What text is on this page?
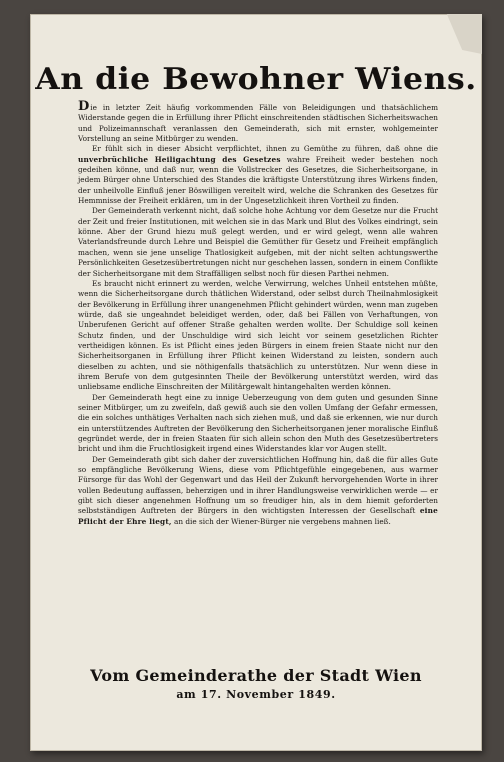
An die Bewohner Wiens.

Die in letzter Zeit häufig vorkommenden Fälle von Beleidigungen und thatsächlichem Widerstande gegen die in Erfüllung ihrer Pflicht einschreitenden städtischen Sicherheitswachen und Polizeimannschaft veranlassen den Gemeinderath, sich mit ernster, wohlgemeinter Vorstellung an seine Mitbürger zu wenden.

Er fühlt sich in dieser Absicht verpflichtet, ihnen zu Gemüthe zu führen, daß ohne die unverbrüchliche Heiligachtung des Gesetzes wahre Freiheit weder bestehen noch gedeihen könne, und daß nur, wenn die Vollstrecker des Gesetzes, die Sicherheitsorgane, in jedem Bürger ohne Unterschied des Standes die kräftigste Unterstützung ihres Wirkens finden, der unheilvolle Einfluß jener Böswilligen vereitelt wird, welche die Schranken des Gesetzes für Hemmnisse der Freiheit erklären, um in der Ungesetzlichkeit ihren Vortheil zu finden.

Der Gemeinderath verkennt nicht, daß solche hohe Achtung vor dem Gesetze nur die Frucht der Zeit und freier Institutionen, mit welchen sie in das Mark und Blut des Volkes eindringt, sein könne. Aber der Grund hiezu muß gelegt werden, und er wird gelegt, wenn alle wahren Vaterlandsfreunde durch Lehre und Beispiel die Gemüther für Gesetz und Freiheit empfänglich machen, wenn sie jene unselige Thatlosigkeit aufgeben, mit der nicht selten achtungswerthe Persönlichkeiten Gesetzesübertretungen nicht nur geschehen lassen, sondern in einem Conflikte der Sicherheitsorgane mit dem Straffälligen selbst noch für diesen Parthei nehmen.

Es braucht nicht erinnert zu werden, welche Verwirrung, welches Unheil entstehen müßte, wenn die Sicherheitsorgane durch thätlichen Widerstand, oder selbst durch Theilnahmlosigkeit der Bevölkerung in Erfüllung ihrer unangenehmen Pflicht gehindert würden, wenn man zugeben würde, daß sie ungeahndet beleidiget werden, oder, daß bei Fällen von Verhaftungen, von Unberufenen Gericht auf offener Straße gehalten werden wollte. Der Schuldige soll keinen Schutz finden, und der Unschuldige wird sich leicht vor seinem gesetzlichen Richter vertheidigen können. Es ist Pflicht eines jeden Bürgers in einem freien Staate nicht nur den Sicherheitsorganen in Erfüllung ihrer Pflicht keinen Widerstand zu leisten, sondern auch dieselben zu achten, und sie nöthigenfalls thatsächlich zu unterstützen. Nur wenn diese in ihrem Berufe von dem gutgesinnten Theile der Bevölkerung unterstützt werden, wird das unliebsame endliche Einschreiten der Militärgewalt hintangehalten werden können.

Der Gemeinderath hegt eine zu innige Ueberzeugung von dem guten und gesunden Sinne seiner Mitbürger, um zu zweifeln, daß gewiß auch sie den vollen Umfang der Gefahr ermessen, die ein solches unthätiges Verhalten nach sich ziehen muß, und daß sie erkennen, wie nur durch ein unterstützendes Auftreten der Bevölkerung den Sicherheitsorganen jener moralische Einfluß gegründet werde, der in freien Staaten für sich allein schon den Muth des Gesetzesübertreters bricht und ihm die Fruchtlosigkeit irgend eines Widerstandes klar vor Augen stellt.

Der Gemeinderath gibt sich daher der zuversichtlichen Hoffnung hin, daß die für alles Gute so empfängliche Bevölkerung Wiens, diese vom Pflichtgefühle eingegebenen, aus warmer Fürsorge für das Wohl der Gegenwart und das Heil der Zukunft hervorgehenden Worte in ihrer vollen Bedeutung auffassen, beherzigen und in ihrer Handlungsweise verwirklichen werde — er gibt sich dieser angenehmen Hoffnung um so freudiger hin, als in dem hiemit geforderten selbstständigen Auftreten der Bürgers in den wichtigsten Interessen der Gesellschaft eine Pflicht der Ehre liegt, an die sich der Wiener-Bürger nie vergebens mahnen ließ.

Vom Gemeinderathe der Stadt Wien
am 17. November 1849.
